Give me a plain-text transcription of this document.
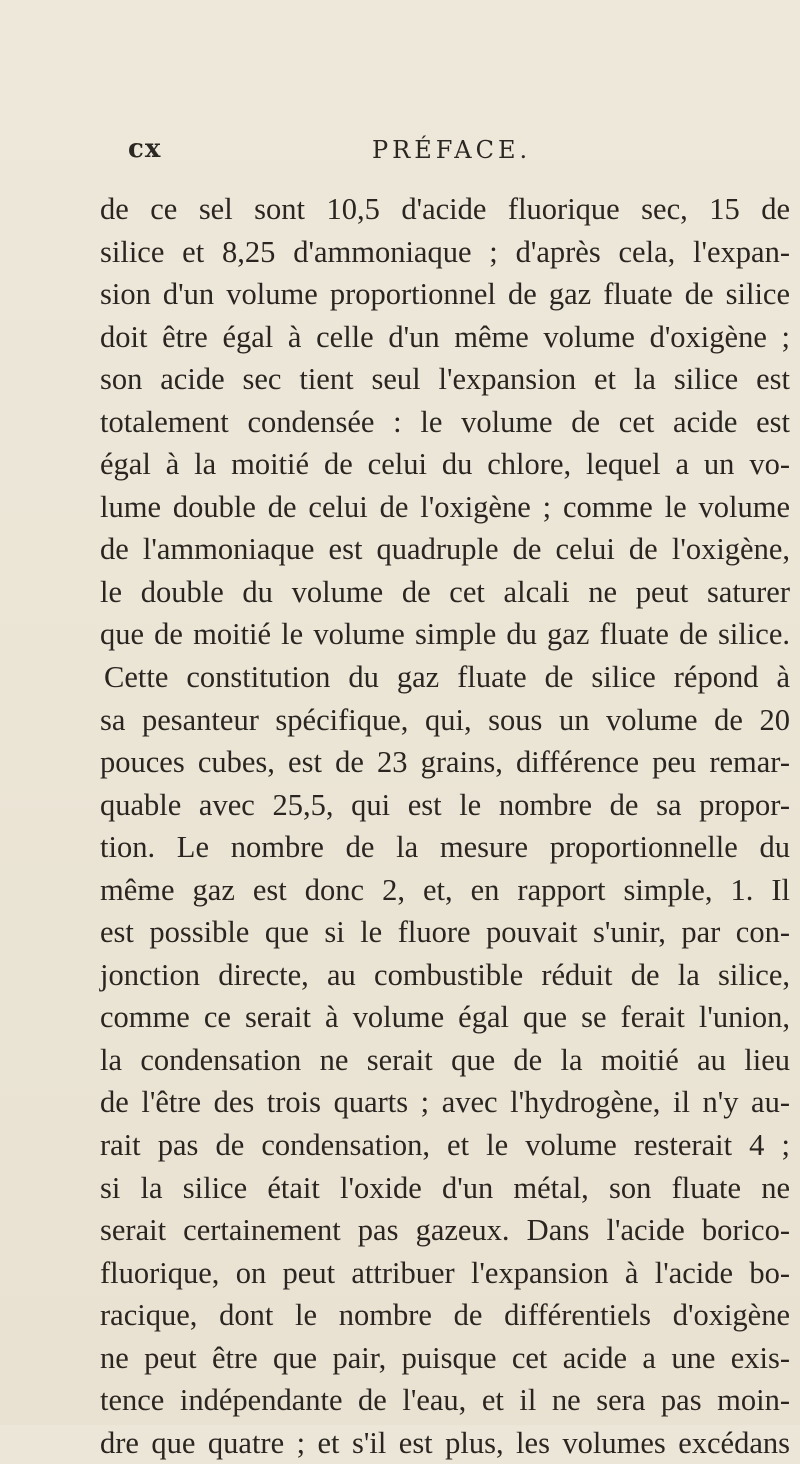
cx	PRÉFACE.
de ce sel sont 10,5 d'acide fluorique sec, 15 de
silice et 8,25 d'ammoniaque ; d'après cela, l'expan-
sion d'un volume proportionnel de gaz fluate de silice
doit être égal à celle d'un même volume d'oxigène ;
son acide sec tient seul l'expansion et la silice est
totalement condensée : le volume de cet acide est
égal à la moitié de celui du chlore, lequel a un vo-
lume double de celui de l'oxigène ; comme le volume
de l'ammoniaque est quadruple de celui de l'oxigène,
le double du volume de cet alcali ne peut saturer
que de moitié le volume simple du gaz fluate de silice.
Cette constitution du gaz fluate de silice répond à
sa pesanteur spécifique, qui, sous un volume de 20
pouces cubes, est de 23 grains, différence peu remar-
quable avec 25,5, qui est le nombre de sa propor-
tion. Le nombre de la mesure proportionnelle du
même gaz est donc 2, et, en rapport simple, 1. Il
est possible que si le fluore pouvait s'unir, par con-
jonction directe, au combustible réduit de la silice,
comme ce serait à volume égal que se ferait l'union,
la condensation ne serait que de la moitié au lieu
de l'être des trois quarts ; avec l'hydrogène, il n'y au-
rait pas de condensation, et le volume resterait 4 ;
si la silice était l'oxide d'un métal, son fluate ne
serait certainement pas gazeux. Dans l'acide borico-
fluorique, on peut attribuer l'expansion à l'acide bo-
racique, dont le nombre de différentiels d'oxigène
ne peut être que pair, puisque cet acide a une exis-
tence indépendante de l'eau, et il ne sera pas moin-
dre que quatre ; et s'il est plus, les volumes excédans
